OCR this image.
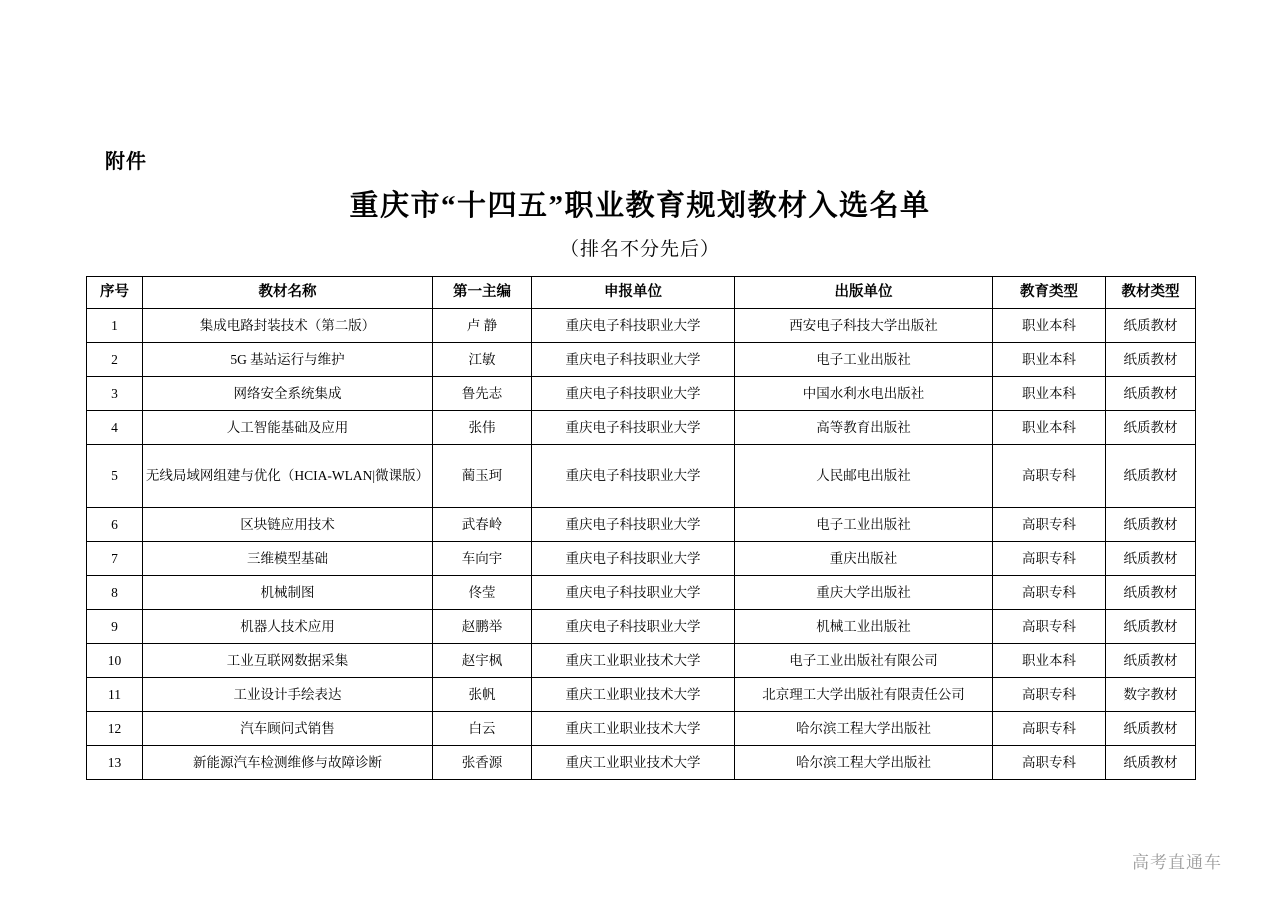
附件
重庆市“十四五”职业教育规划教材入选名单
（排名不分先后）
序号	教材名称	第一主编	申报单位	出版单位	教育类型	教材类型
1	集成电路封装技术（第二版）	卢 静	重庆电子科技职业大学	西安电子科技大学出版社	职业本科	纸质教材
2	5G 基站运行与维护	江敏	重庆电子科技职业大学	电子工业出版社	职业本科	纸质教材
3	网络安全系统集成	鲁先志	重庆电子科技职业大学	中国水利水电出版社	职业本科	纸质教材
4	人工智能基础及应用	张伟	重庆电子科技职业大学	高等教育出版社	职业本科	纸质教材
5	无线局域网组建与优化（HCIA-WLAN|微课版）	蔺玉珂	重庆电子科技职业大学	人民邮电出版社	高职专科	纸质教材
6	区块链应用技术	武春岭	重庆电子科技职业大学	电子工业出版社	高职专科	纸质教材
7	三维模型基础	车向宇	重庆电子科技职业大学	重庆出版社	高职专科	纸质教材
8	机械制图	佟莹	重庆电子科技职业大学	重庆大学出版社	高职专科	纸质教材
9	机器人技术应用	赵鹏举	重庆电子科技职业大学	机械工业出版社	高职专科	纸质教材
10	工业互联网数据采集	赵宇枫	重庆工业职业技术大学	电子工业出版社有限公司	职业本科	纸质教材
11	工业设计手绘表达	张帆	重庆工业职业技术大学	北京理工大学出版社有限责任公司	高职专科	数字教材
12	汽车顾问式销售	白云	重庆工业职业技术大学	哈尔滨工程大学出版社	高职专科	纸质教材
13	新能源汽车检测维修与故障诊断	张香源	重庆工业职业技术大学	哈尔滨工程大学出版社	高职专科	纸质教材
高考直通车
